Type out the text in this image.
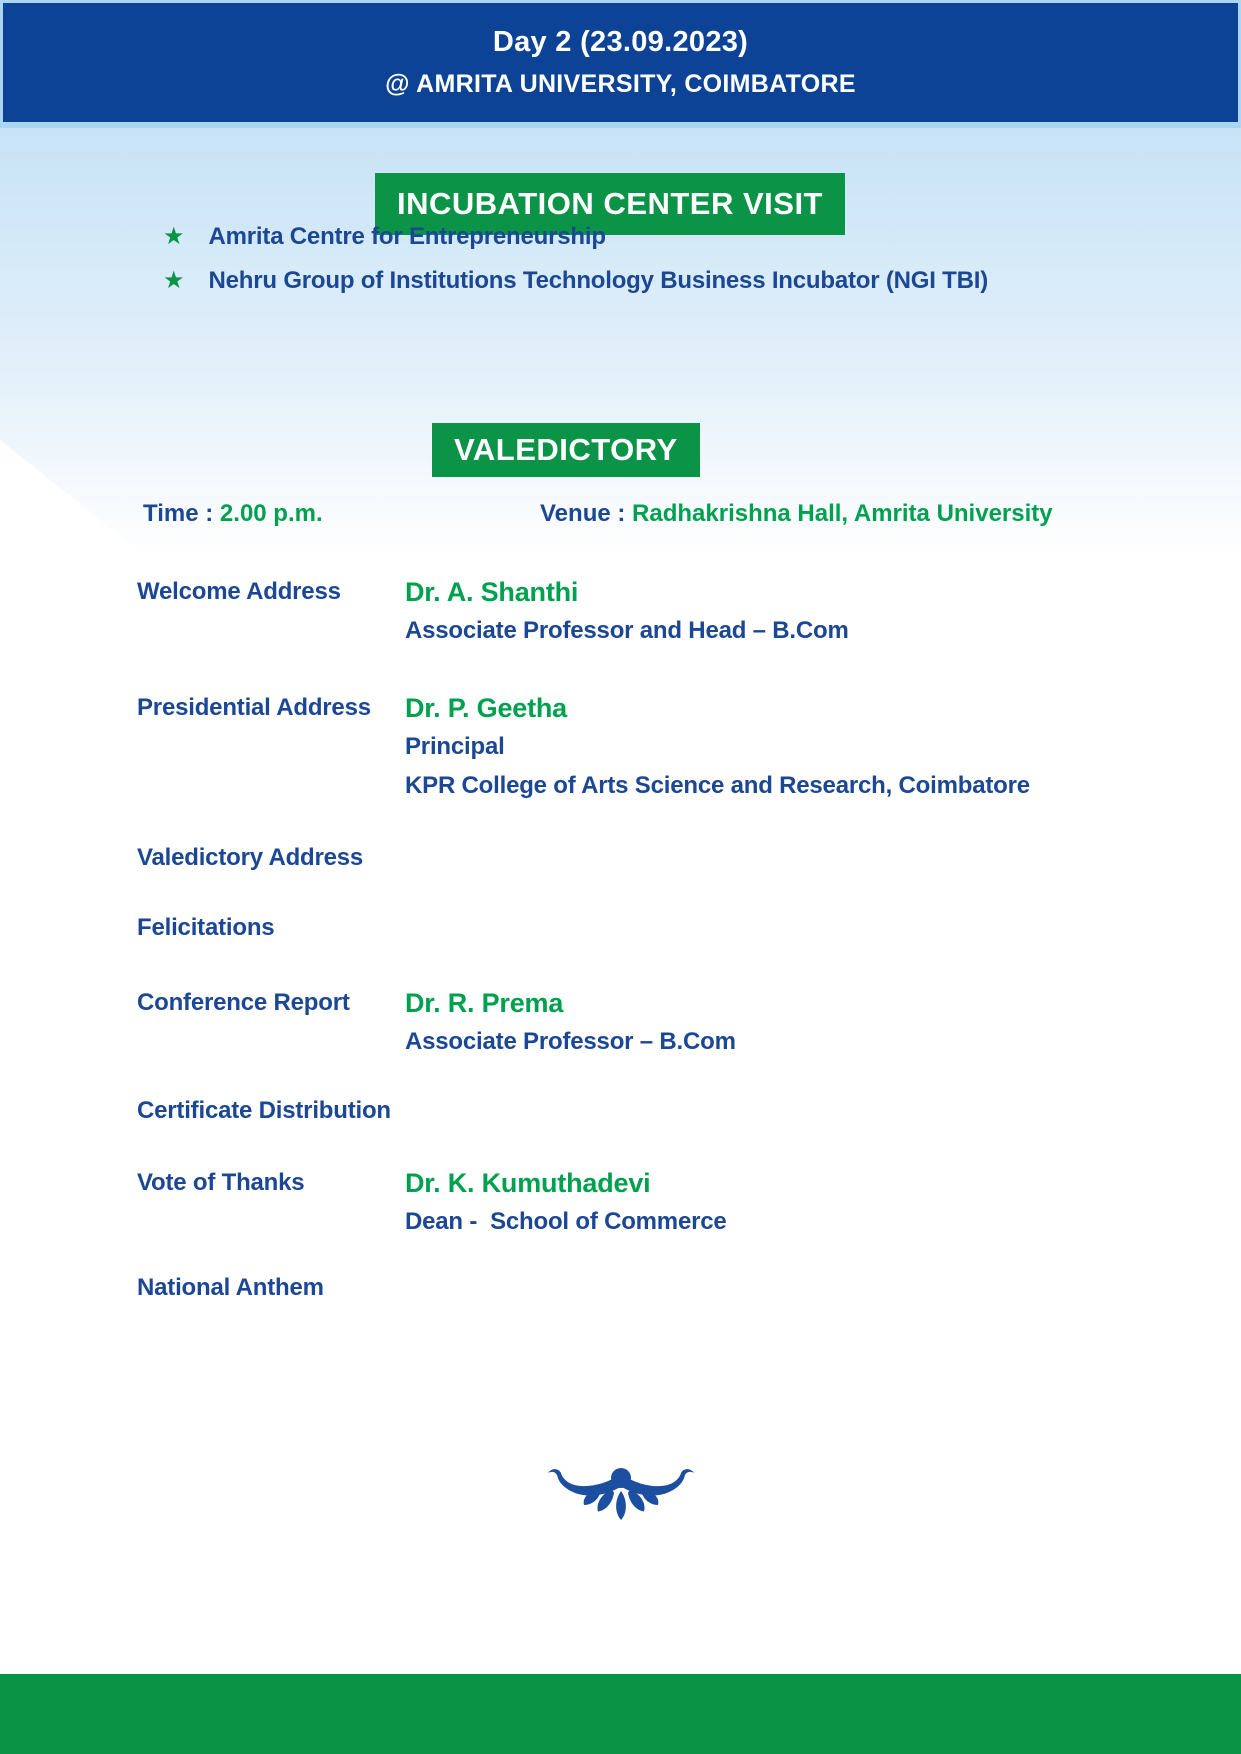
Day 2 (23.09.2023)
@ AMRITA UNIVERSITY, COIMBATORE
INCUBATION CENTER VISIT
★ Amrita Centre for Entrepreneurship
★ Nehru Group of Institutions Technology Business Incubator (NGI TBI)
VALEDICTORY
Time : 2.00 p.m.	Venue : Radhakrishna Hall, Amrita University
Welcome Address	Dr. A. Shanthi
Associate Professor and Head – B.Com
Presidential Address	Dr. P. Geetha
Principal
KPR College of Arts Science and Research, Coimbatore
Valedictory Address
Felicitations
Conference Report	Dr. R. Prema
Associate Professor – B.Com
Certificate Distribution
Vote of Thanks	Dr. K. Kumuthadevi
Dean -  School of Commerce
National Anthem
